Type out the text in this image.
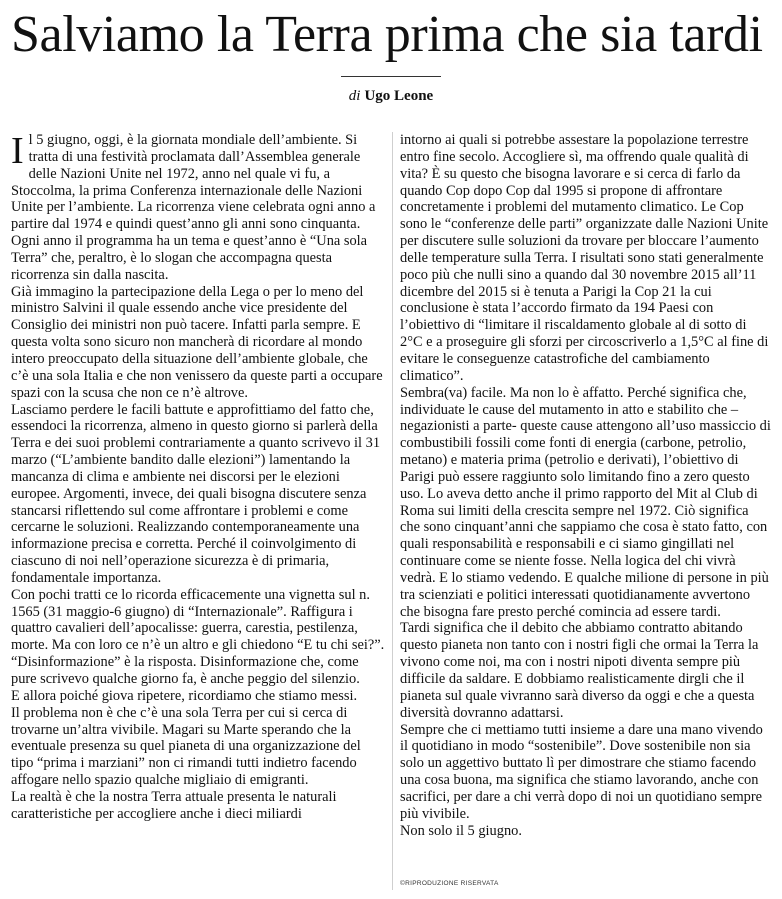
Salviamo la Terra prima che sia tardi
di Ugo Leone

Il 5 giugno, oggi, è la giornata mondiale dell’ambiente. Si tratta di una festività proclamata dall’Assemblea generale delle Nazioni Unite nel 1972, anno nel quale vi fu, a Stoccolma, la prima Conferenza internazionale delle Nazioni Unite per l’ambiente. La ricorrenza viene celebrata ogni anno a partire dal 1974 e quindi quest’anno gli anni sono cinquanta. Ogni anno il programma ha un tema e quest’anno è “Una sola Terra” che, peraltro, è lo slogan che accompagna questa ricorrenza sin dalla nascita.

Già immagino la partecipazione della Lega o per lo meno del ministro Salvini il quale essendo anche vice presidente del Consiglio dei ministri non può tacere. Infatti parla sempre. E questa volta sono sicuro non mancherà di ricordare al mondo intero preoccupato della situazione dell’ambiente globale, che c’è una sola Italia e che non venissero da queste parti a occupare spazi con la scusa che non ce n’è altrove.

Lasciamo perdere le facili battute e approfittiamo del fatto che, essendoci la ricorrenza, almeno in questo giorno si parlerà della Terra e dei suoi problemi contrariamente a quanto scrivevo il 31 marzo (“L’ambiente bandito dalle elezioni”) lamentando la mancanza di clima e ambiente nei discorsi per le elezioni europee. Argomenti, invece, dei quali bisogna discutere senza stancarsi riflettendo sul come affrontare i problemi e come cercarne le soluzioni. Realizzando contemporaneamente una informazione precisa e corretta. Perché il coinvolgimento di ciascuno di noi nell’operazione sicurezza è di primaria, fondamentale importanza.

Con pochi tratti ce lo ricorda efficacemente una vignetta sul n. 1565 (31 maggio-6 giugno) di “Internazionale”. Raffigura i quattro cavalieri dell’apocalisse: guerra, carestia, pestilenza, morte. Ma con loro ce n’è un altro e gli chiedono “E tu chi sei?”. “Disinformazione” è la risposta. Disinformazione che, come pure scrivevo qualche giorno fa, è anche peggio del silenzio.

E allora poiché giova ripetere, ricordiamo che stiamo messi.

Il problema non è che c’è una sola Terra per cui si cerca di trovarne un’altra vivibile. Magari su Marte sperando che la eventuale presenza su quel pianeta di una organizzazione del tipo “prima i marziani” non ci rimandi tutti indietro facendo affogare nello spazio qualche migliaio di emigranti.

La realtà è che la nostra Terra attuale presenta le naturali caratteristiche per accogliere anche i dieci miliardi

intorno ai quali si potrebbe assestare la popolazione terrestre entro fine secolo. Accogliere sì, ma offrendo quale qualità di vita? È su questo che bisogna lavorare e si cerca di farlo da quando Cop dopo Cop dal 1995 si propone di affrontare concretamente i problemi del mutamento climatico. Le Cop sono le “conferenze delle parti” organizzate dalle Nazioni Unite per discutere sulle soluzioni da trovare per bloccare l’aumento delle temperature sulla Terra. I risultati sono stati generalmente poco più che nulli sino a quando dal 30 novembre 2015 all’11 dicembre del 2015 si è tenuta a Parigi la Cop 21 la cui conclusione è stata l’accordo firmato da 194 Paesi con l’obiettivo di “limitare il riscaldamento globale al di sotto di 2°C e a proseguire gli sforzi per circoscriverlo a 1,5°C al fine di evitare le conseguenze catastrofiche del cambiamento climatico”.

Sembra(va) facile. Ma non lo è affatto. Perché significa che, individuate le cause del mutamento in atto e stabilito che –negazionisti a parte- queste cause attengono all’uso massiccio di combustibili fossili come fonti di energia (carbone, petrolio, metano) e materia prima (petrolio e derivati), l’obiettivo di Parigi può essere raggiunto solo limitando fino a zero questo uso. Lo aveva detto anche il primo rapporto del Mit al Club di Roma sui limiti della crescita sempre nel 1972. Ciò significa che sono cinquant’anni che sappiamo che cosa è stato fatto, con quali responsabilità e responsabili e ci siamo gingillati nel continuare come se niente fosse. Nella logica del chi vivrà vedrà. E lo stiamo vedendo. E qualche milione di persone in più tra scienziati e politici interessati quotidianamente avvertono che bisogna fare presto perché comincia ad essere tardi.

Tardi significa che il debito che abbiamo contratto abitando questo pianeta non tanto con i nostri figli che ormai la Terra la vivono come noi, ma con i nostri nipoti diventa sempre più difficile da saldare. E dobbiamo realisticamente dirgli che il pianeta sul quale vivranno sarà diverso da oggi e che a questa diversità dovranno adattarsi.

Sempre che ci mettiamo tutti insieme a dare una mano vivendo il quotidiano in modo “sostenibile”. Dove sostenibile non sia solo un aggettivo buttato lì per dimostrare che stiamo facendo una cosa buona, ma significa che stiamo lavorando, anche con sacrifici, per dare a chi verrà dopo di noi un quotidiano sempre più vivibile.

Non solo il 5 giugno.

©RIPRODUZIONE RISERVATA
